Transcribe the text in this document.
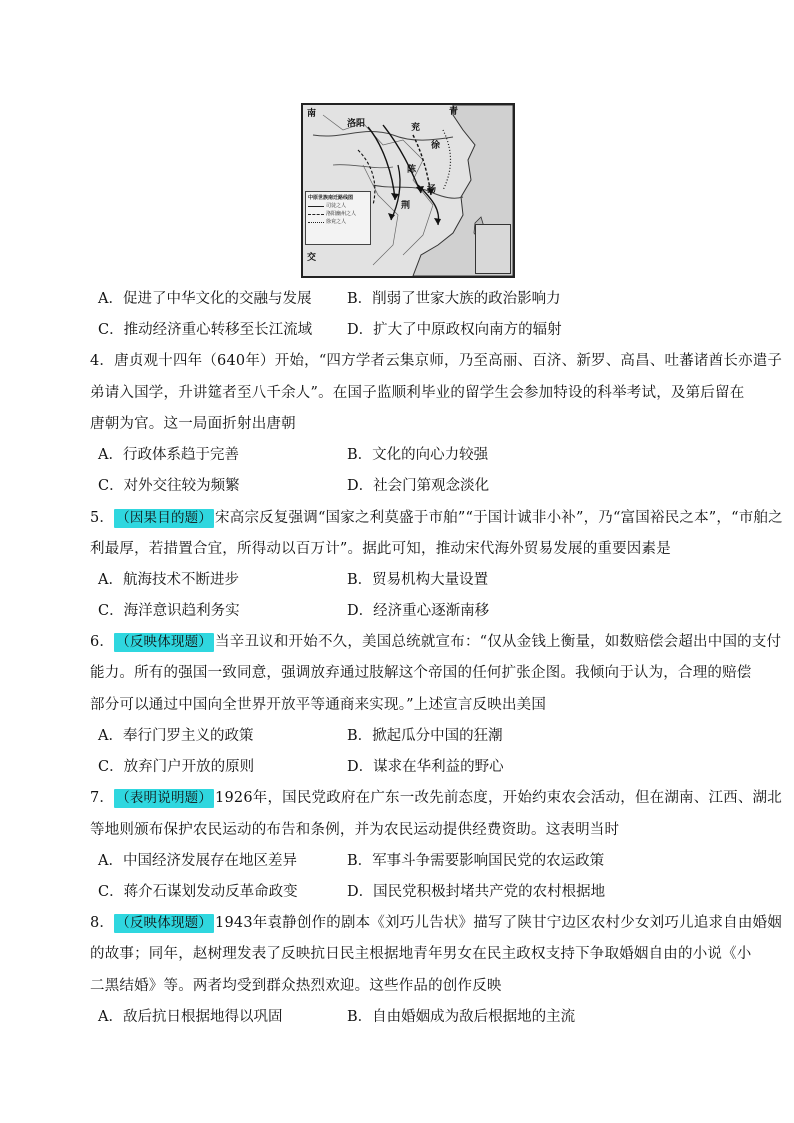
南
洛阳	兖
青
徐
陈
荆
扬
交
中原世族南迁路线图
司徒之人
洛阳幽州之人
徐兖之人
A．促进了中华文化的交融与发展 B．削弱了世家大族的政治影响力
C．推动经济重心转移至长江流域 D．扩大了中原政权向南方的辐射
4．唐贞观十四年（640年）开始，“四方学者云集京师，乃至高丽、百济、新罗、高昌、吐蕃诸酋长亦遣子
弟请入国学，升讲筵者至八千余人”。在国子监顺利毕业的留学生会参加特设的科举考试，及第后留在
唐朝为官。这一局面折射出唐朝
A．行政体系趋于完善	B．文化的向心力较强
C．对外交往较为频繁	D．社会门第观念淡化
5． （因果目的题） 宋高宗反复强调“国家之利莫盛于市舶”“于国计诚非小补”，乃“富国裕民之本”，“市舶之
利最厚，若措置合宜，所得动以百万计”。据此可知，推动宋代海外贸易发展的重要因素是
A．航海技术不断进步	B．贸易机构大量设置
C．海洋意识趋利务实	D．经济重心逐渐南移
6． （反映体现题） 当辛丑议和开始不久，美国总统就宣布：“仅从金钱上衡量，如数赔偿会超出中国的支付
能力。所有的强国一致同意，强调放弃通过肢解这个帝国的任何扩张企图。我倾向于认为，合理的赔偿
部分可以通过中国向全世界开放平等通商来实现。”上述宣言反映出美国
A．奉行门罗主义的政策	B．掀起瓜分中国的狂潮
C．放弃门户开放的原则	D．谋求在华利益的野心
7． （表明说明题） 1926年，国民党政府在广东一改先前态度，开始约束农会活动，但在湖南、江西、湖北
等地则颁布保护农民运动的布告和条例，并为农民运动提供经费资助。这表明当时
A．中国经济发展存在地区差异	B．军事斗争需要影响国民党的农运政策
C．蒋介石谋划发动反革命政变	D．国民党积极封堵共产党的农村根据地
8． （反映体现题） 1943年袁静创作的剧本《刘巧儿告状》描写了陕甘宁边区农村少女刘巧儿追求自由婚姻
的故事；同年，赵树理发表了反映抗日民主根据地青年男女在民主政权支持下争取婚姻自由的小说《小
二黑结婚》等。两者均受到群众热烈欢迎。这些作品的创作反映
A．敌后抗日根据地得以巩固	B．自由婚姻成为敌后根据地的主流
